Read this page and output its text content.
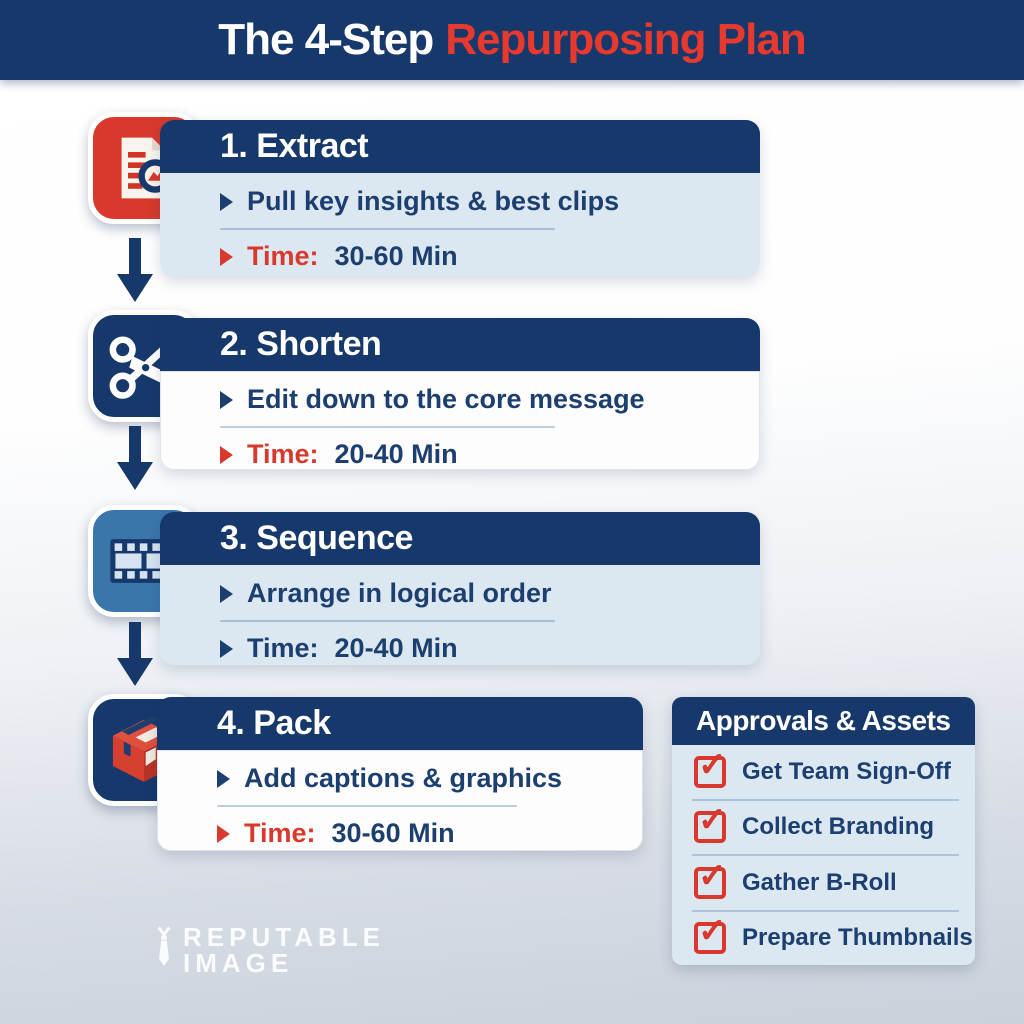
The 4-Step Repurposing Plan
1. Extract
Pull key insights & best clips
Time: 30-60 Min
2. Shorten
Edit down to the core message
Time: 20-40 Min
3. Sequence
Arrange in logical order
Time: 20-40 Min
4. Pack
Add captions & graphics
Time: 30-60 Min
Approvals & Assets
✓
Get Team Sign-Off
✓
Collect Branding
✓
Gather B-Roll
✓
Prepare Thumbnails
REPUTABLE
IMAGE
